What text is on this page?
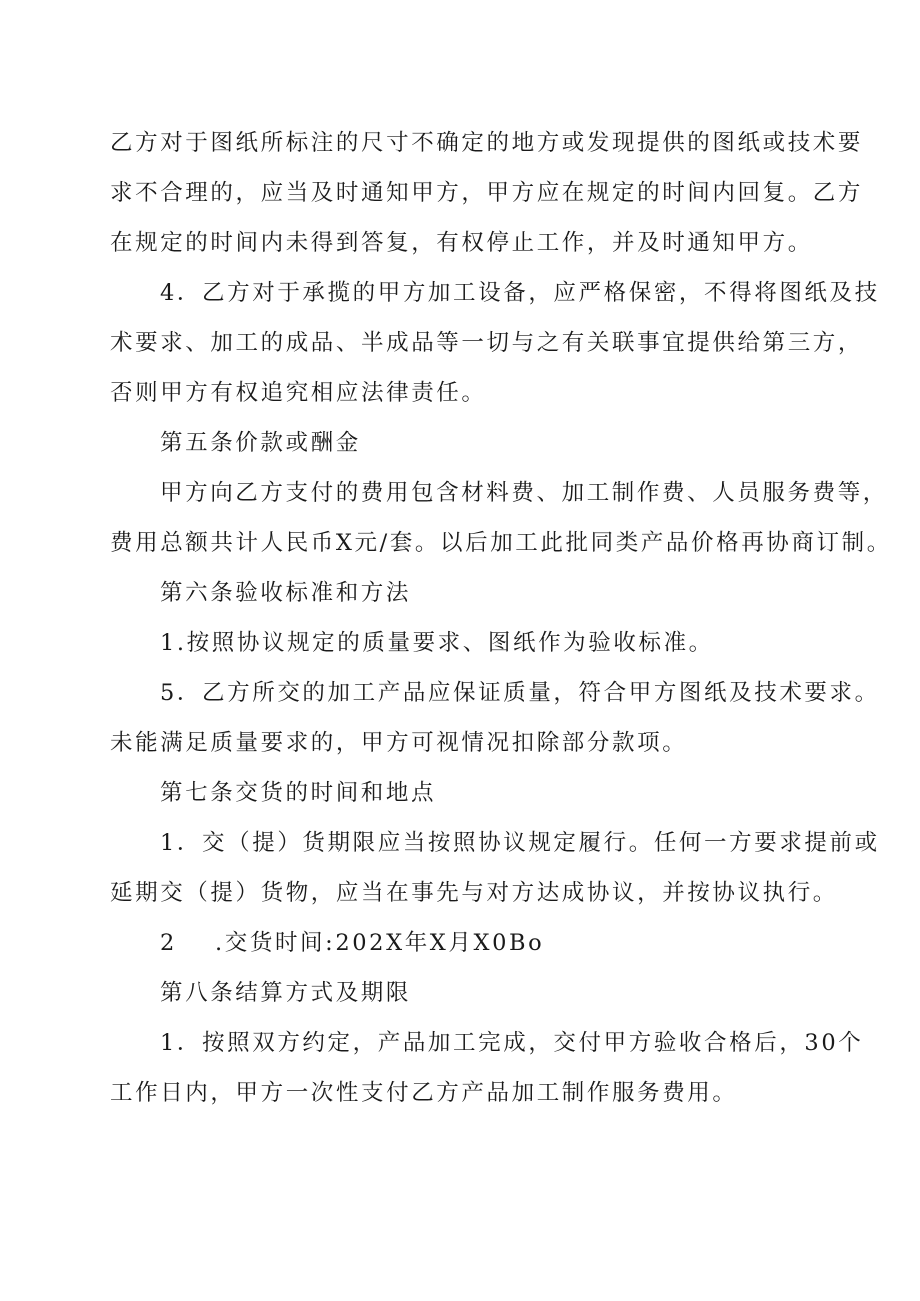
乙方对于图纸所标注的尺寸不确定的地方或发现提供的图纸或技术要
求不合理的，应当及时通知甲方，甲方应在规定的时间内回复。乙方
在规定的时间内未得到答复，有权停止工作，并及时通知甲方。
4．乙方对于承揽的甲方加工设备，应严格保密，不得将图纸及技
术要求、加工的成品、半成品等一切与之有关联事宜提供给第三方，
否则甲方有权追究相应法律责任。
第五条价款或酬金
甲方向乙方支付的费用包含材料费、加工制作费、人员服务费等，
费用总额共计人民币X元/套。以后加工此批同类产品价格再协商订制。
第六条验收标准和方法
1.按照协议规定的质量要求、图纸作为验收标准。
5．乙方所交的加工产品应保证质量，符合甲方图纸及技术要求。
未能满足质量要求的，甲方可视情况扣除部分款项。
第七条交货的时间和地点
1．交（提）货期限应当按照协议规定履行。任何一方要求提前或
延期交（提）货物，应当在事先与对方达成协议，并按协议执行。
2 .交货时间:202X年X月X0Bo
第八条结算方式及期限
1．按照双方约定，产品加工完成，交付甲方验收合格后，30个
工作日内，甲方一次性支付乙方产品加工制作服务费用。
